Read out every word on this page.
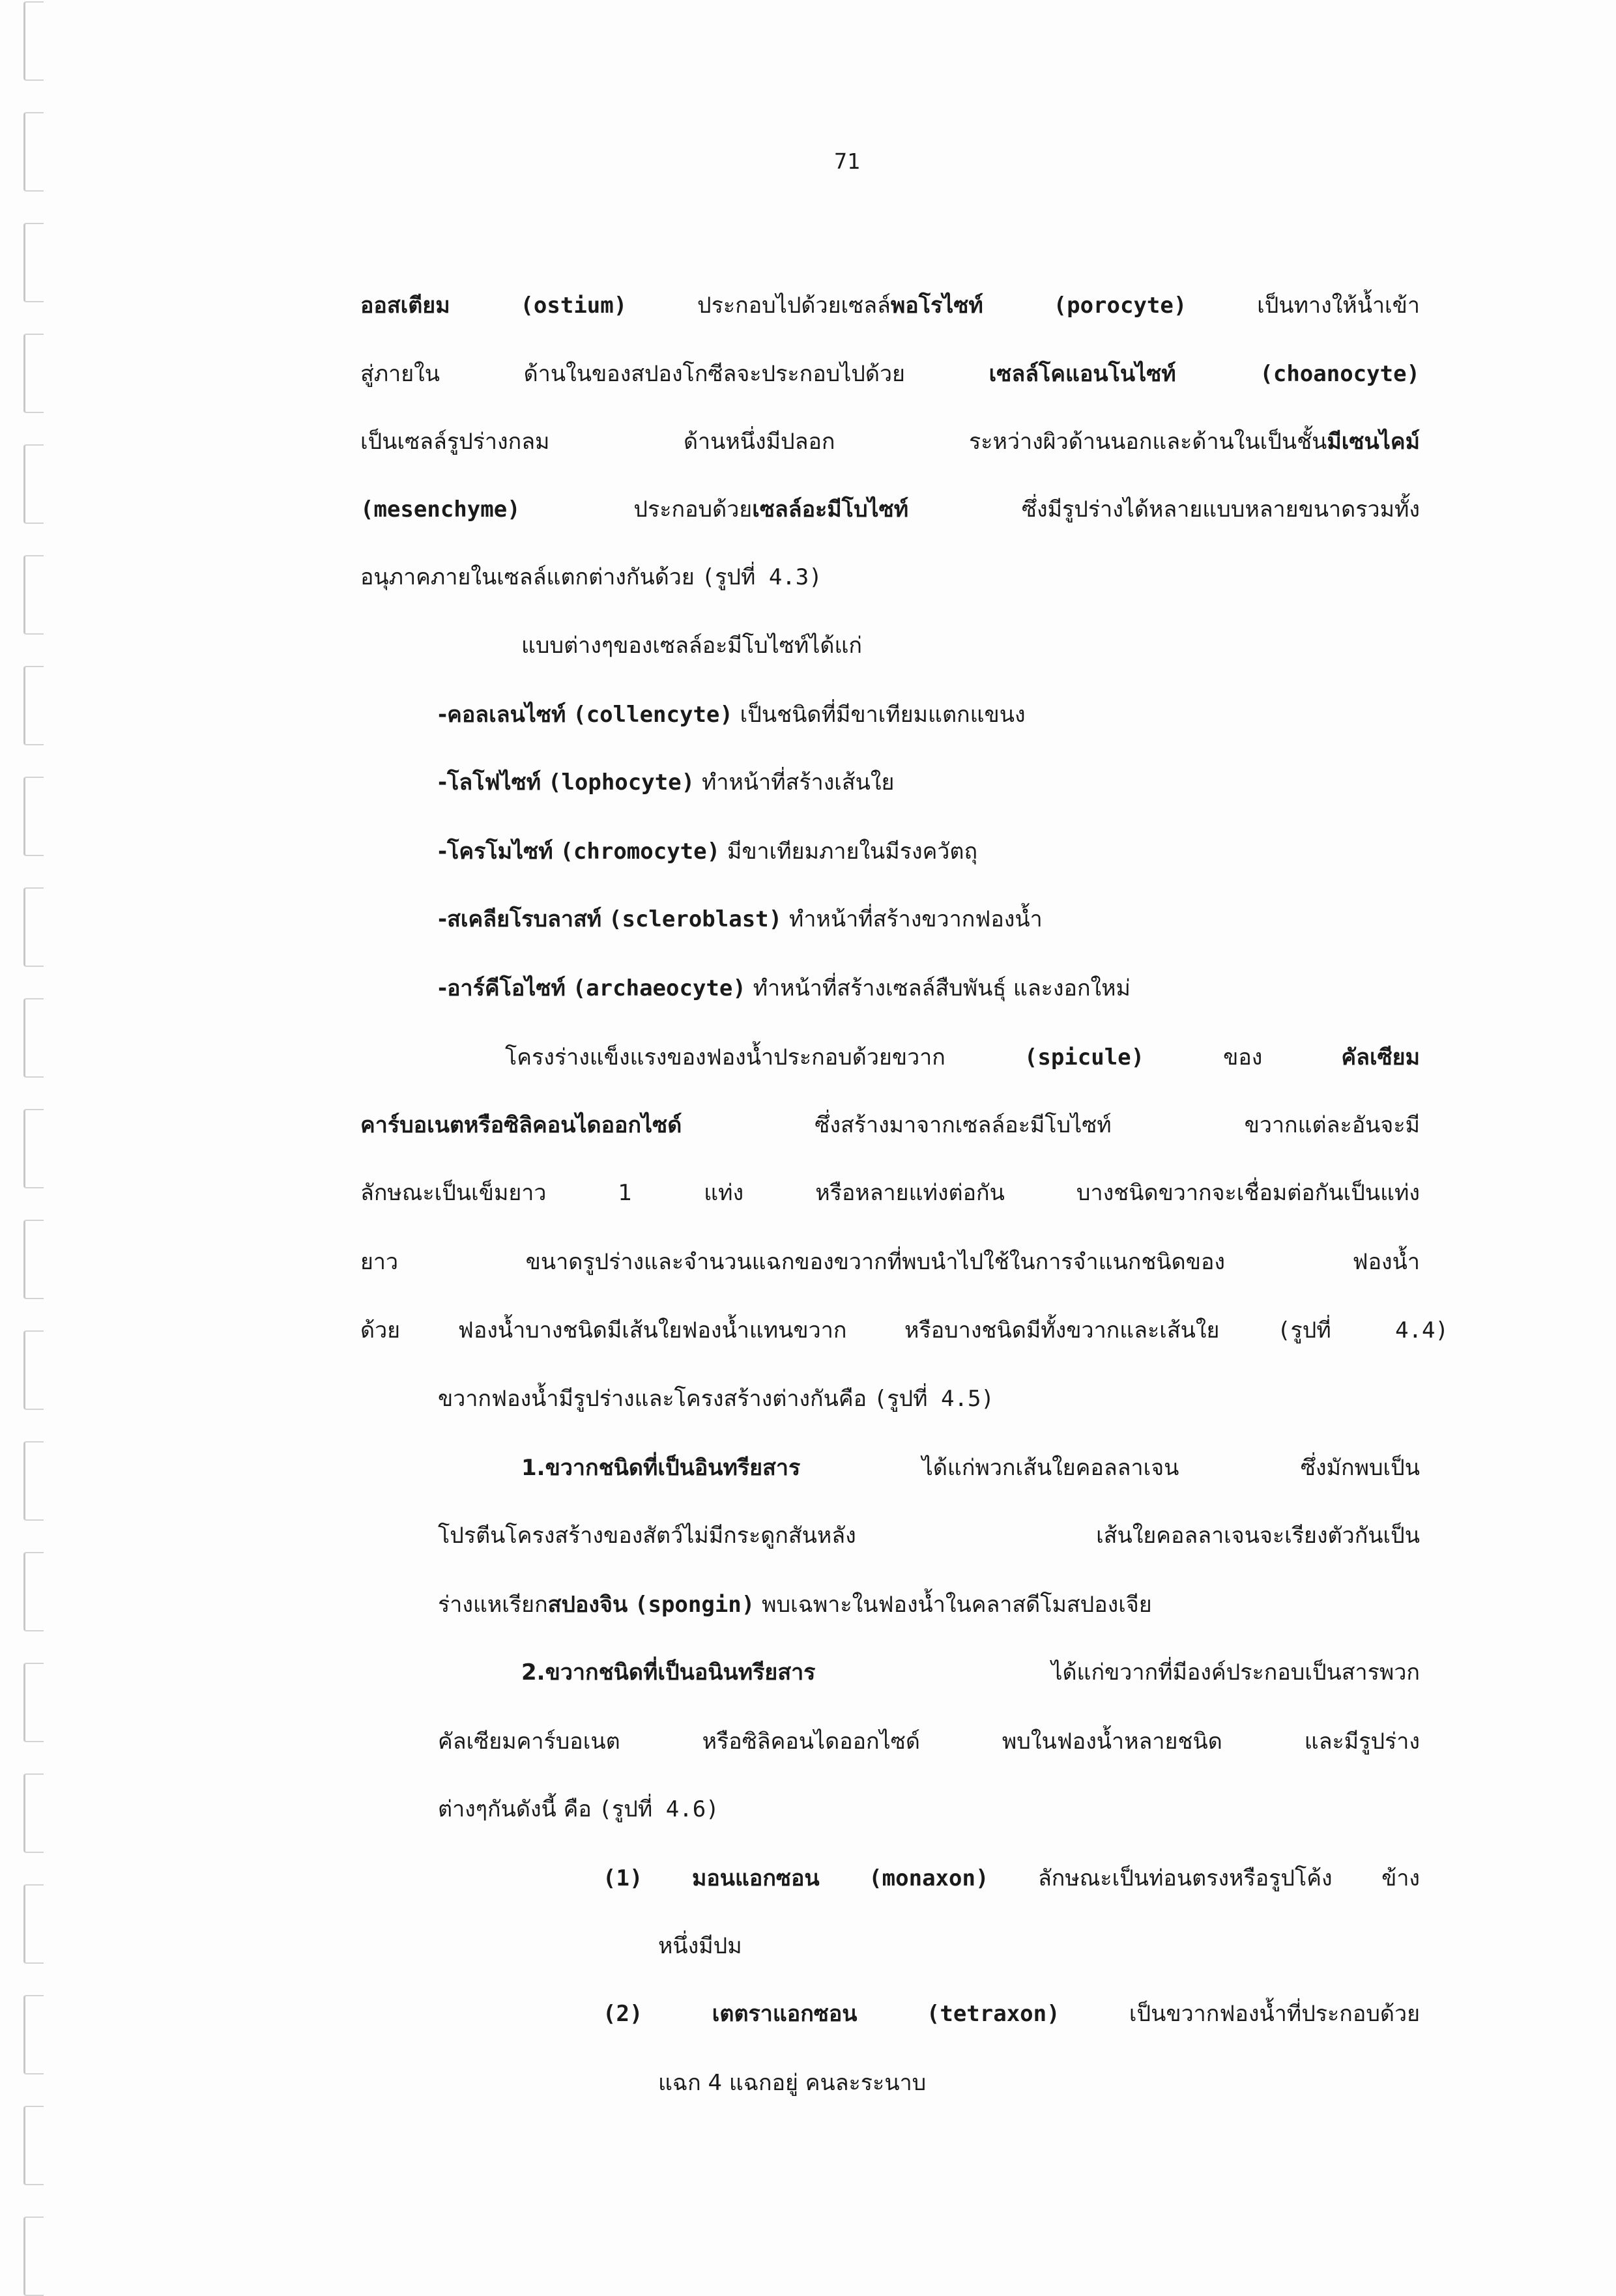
71
ออสเตียม	(ostium)	ประกอบไปด้วยเซลล์พอโรไซท์	(porocyte)	เป็นทางให้น้ำเข้า
สู่ภายใน ด้านในของสปองโกซีลจะประกอบไปด้วย	เซลล์โคแอนโนไซท์	(choanocyte)
เป็นเซลล์รูปร่างกลม ด้านหนึ่งมีปลอก ระหว่างผิวด้านนอกและด้านในเป็นชั้นมีเซนไคม์
(mesenchyme)	ประกอบด้วยเซลล์อะมีโบไซท์	ซึ่งมีรูปร่างได้หลายแบบหลายขนาดรวมทั้ง
อนุภาคภายในเซลล์แตกต่างกันด้วย (รูปที่ 4.3)
แบบต่างๆของเซลล์อะมีโบไซท์ได้แก่
-คอลเลนไซท์ (collencyte) เป็นชนิดที่มีขาเทียมแตกแขนง
-โลโฟไซท์ (lophocyte) ทำหน้าที่สร้างเส้นใย
-โครโมไซท์ (chromocyte) มีขาเทียมภายในมีรงควัตถุ
-สเคลียโรบลาสท์ (scleroblast) ทำหน้าที่สร้างขวากฟองน้ำ
-อาร์คีโอไซท์ (archaeocyte) ทำหน้าที่สร้างเซลล์สืบพันธุ์ และงอกใหม่
โครงร่างแข็งแรงของฟองน้ำประกอบด้วยขวาก	(spicule)	ของ	คัลเซียม
คาร์บอเนตหรือซิลิคอนไดออกไซด์	ซึ่งสร้างมาจากเซลล์อะมีโบไซท์ ขวากแต่ละอันจะมี
ลักษณะเป็นเข็มยาว 1 แท่ง หรือหลายแท่งต่อกัน บางชนิดขวากจะเชื่อมต่อกันเป็นแท่ง
ยาว ขนาดรูปร่างและจำนวนแฉกของขวากที่พบนำไปใช้ในการจำแนกชนิดของ ฟองน้ำ
ด้วย ฟองน้ำบางชนิดมีเส้นใยฟองน้ำแทนขวาก หรือบางชนิดมีทั้งขวากและเส้นใย	(รูปที่ 4.4)
ขวากฟองน้ำมีรูปร่างและโครงสร้างต่างกันคือ (รูปที่ 4.5)
1.ขวากชนิดที่เป็นอินทรียสาร	ได้แก่พวกเส้นใยคอลลาเจน ซึ่งมักพบเป็น
โปรตีนโครงสร้างของสัตว์ไม่มีกระดูกสันหลัง เส้นใยคอลลาเจนจะเรียงตัวกันเป็น
ร่างแหเรียกสปองจิน (spongin) พบเฉพาะในฟองน้ำในคลาสดีโมสปองเจีย
2.ขวากชนิดที่เป็นอนินทรียสาร	ได้แก่ขวากที่มีองค์ประกอบเป็นสารพวก
คัลเซียมคาร์บอเนต หรือซิลิคอนไดออกไซด์ พบในฟองน้ำหลายชนิด และมีรูปร่าง
ต่างๆกันดังนี้ คือ (รูปที่ 4.6)
(1) มอนแอกซอน (monaxon) ลักษณะเป็นท่อนตรงหรือรูปโค้ง ข้าง
หนึ่งมีปม
(2)	เตตราแอกซอน	(tetraxon)	เป็นขวากฟองน้ำที่ประกอบด้วย
แฉก 4 แฉกอยู่ คนละระนาบ
